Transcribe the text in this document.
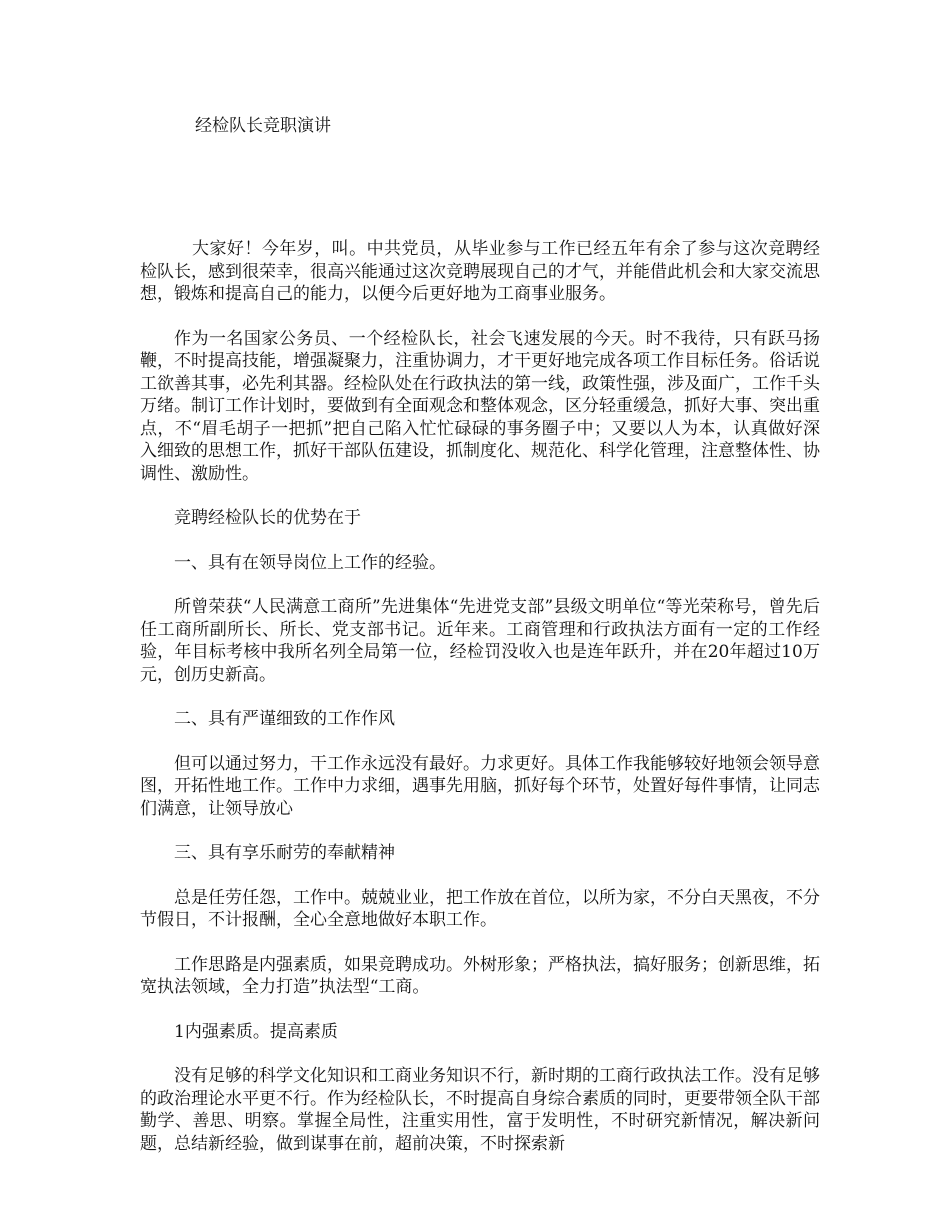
经检队长竞职演讲

大家好！今年岁，叫。中共党员，从毕业参与工作已经五年有余了参与这次竞聘经检队长，感到很荣幸，很高兴能通过这次竞聘展现自己的才气，并能借此机会和大家交流思想，锻炼和提高自己的能力，以便今后更好地为工商事业服务。

作为一名国家公务员、一个经检队长，社会飞速发展的今天。时不我待，只有跃马扬鞭，不时提高技能，增强凝聚力，注重协调力，才干更好地完成各项工作目标任务。俗话说工欲善其事，必先利其器。经检队处在行政执法的第一线，政策性强，涉及面广，工作千头万绪。制订工作计划时，要做到有全面观念和整体观念，区分轻重缓急，抓好大事、突出重点，不“眉毛胡子一把抓”把自己陷入忙忙碌碌的事务圈子中；又要以人为本，认真做好深入细致的思想工作，抓好干部队伍建设，抓制度化、规范化、科学化管理，注意整体性、协调性、激励性。

竞聘经检队长的优势在于

一、具有在领导岗位上工作的经验。

所曾荣获“人民满意工商所”先进集体“先进党支部”县级文明单位“等光荣称号，曾先后任工商所副所长、所长、党支部书记。近年来。工商管理和行政执法方面有一定的工作经验，年目标考核中我所名列全局第一位，经检罚没收入也是连年跃升，并在20年超过10万元，创历史新高。

二、具有严谨细致的工作作风

但可以通过努力，干工作永远没有最好。力求更好。具体工作我能够较好地领会领导意图，开拓性地工作。工作中力求细，遇事先用脑，抓好每个环节，处置好每件事情，让同志们满意，让领导放心

三、具有享乐耐劳的奉献精神

总是任劳任怨，工作中。兢兢业业，把工作放在首位，以所为家，不分白天黑夜，不分节假日，不计报酬，全心全意地做好本职工作。

工作思路是内强素质，如果竞聘成功。外树形象；严格执法，搞好服务；创新思维，拓宽执法领域，全力打造”执法型“工商。

1内强素质。提高素质

没有足够的科学文化知识和工商业务知识不行，新时期的工商行政执法工作。没有足够的政治理论水平更不行。作为经检队长，不时提高自身综合素质的同时，更要带领全队干部勤学、善思、明察。掌握全局性，注重实用性，富于发明性，不时研究新情况，解决新问题，总结新经验，做到谋事在前，超前决策，不时探索新
